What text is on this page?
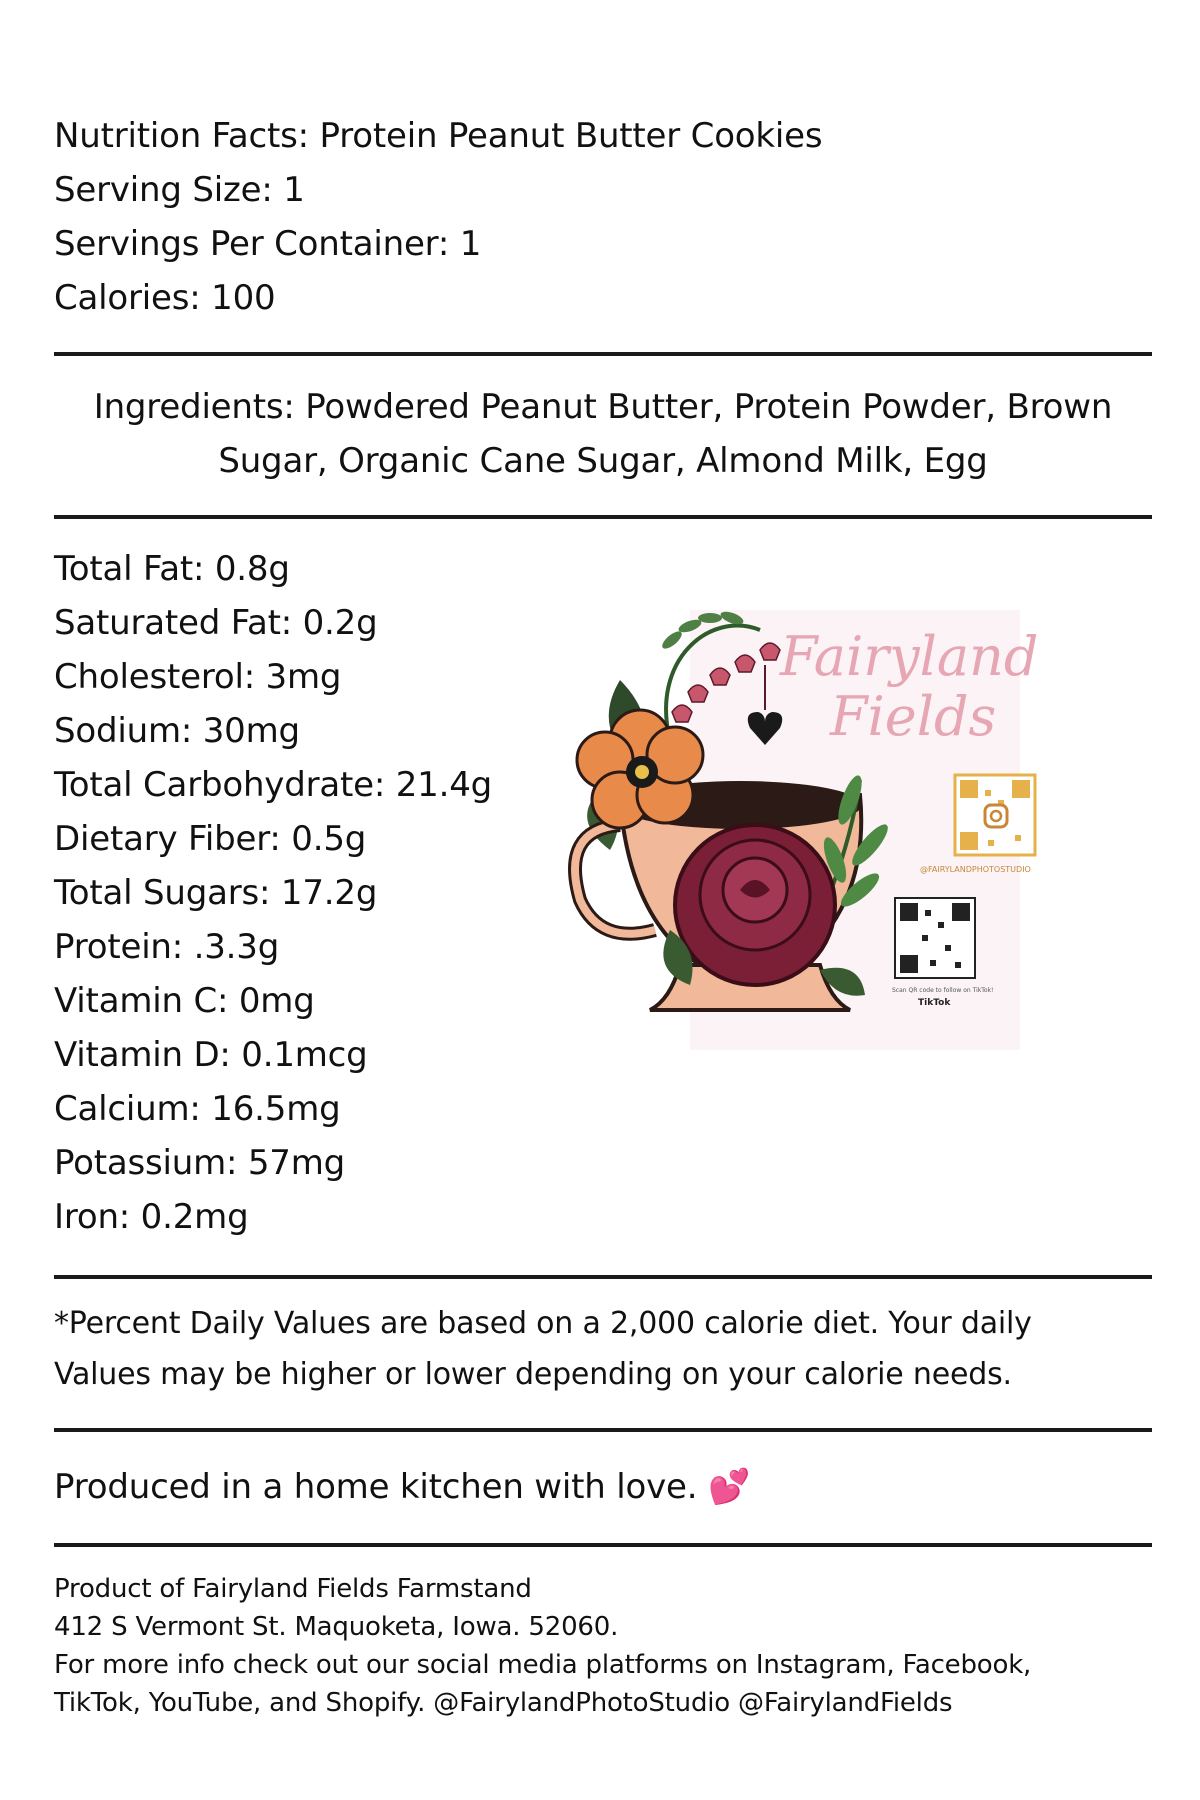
Nutrition Facts: Protein Peanut Butter Cookies

Serving Size: 1

Servings Per Container: 1

Calories: 100

Ingredients: Powdered Peanut Butter, Protein Powder, Brown

Sugar, Organic Cane Sugar, Almond Milk, Egg

Total Fat: 0.8g

Saturated Fat: 0.2g

Cholesterol: 3mg

Sodium: 30mg

Total Carbohydrate: 21.4g

Dietary Fiber: 0.5g

Total Sugars: 17.2g

Protein: .3.3g

Vitamin C: 0mg

Vitamin D: 0.1mcg

Calcium: 16.5mg

Potassium: 57mg

Iron: 0.2mg

Fairyland
Fields
@FAIRYLANDPHOTOSTUDIO
Scan QR code to follow on TikTok!
TikTok

*Percent Daily Values are based on a 2,000 calorie diet. Your daily

Values may be higher or lower depending on your calorie needs.

Produced in a home kitchen with love. 💕

Product of Fairyland Fields Farmstand

412 S Vermont St. Maquoketa, Iowa. 52060.

For more info check out our social media platforms on Instagram, Facebook,

TikTok, YouTube, and Shopify. @FairylandPhotoStudio @FairylandFields
